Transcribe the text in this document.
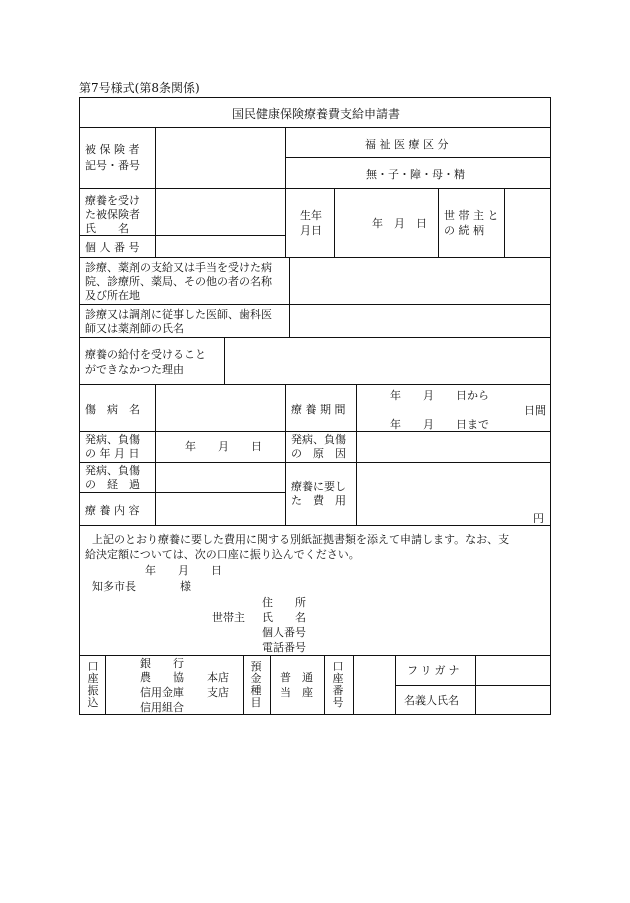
第7号様式(第8条関係)
国民健康保険療養費支給申請書
被 保 険 者
記号・番号
福 祉 医 療 区 分
無・子・障・母・精
療養を受け
た被保険者
氏　　名
生年
月日
年　月　日
世 帯 主 と
の 続 柄
個 人 番 号
診療、薬剤の支給又は手当を受けた病
院、診療所、薬局、その他の者の名称
及び所在地
診療又は調剤に従事した医師、歯科医
師又は薬剤師の氏名
療養の給付を受けること
ができなかつた理由
傷　病　名	療 養 期 間
年　　月　　日から
年　　月　　日まで
日間
発病、負傷
の 年 月 日
年　　月　　日
発病、負傷
の　原　因
発病、負傷
の　経　過	療養に要し
た　費　用
療 養 内 容
円
上記のとおり療養に要した費用に関する別紙証拠書類を添えて申請します。なお、支
給決定額については、次の口座に振り込んでください。
年　　月　　日
知多市長　　　　様
住　　所
世帯主 氏　　名
個人番号
電話番号
口座振込
銀　　行
農　　協
信用金庫
信用組合
本店
支店
預金種目
普　通
当　座
口座番号
フリガナ
名義人氏名
